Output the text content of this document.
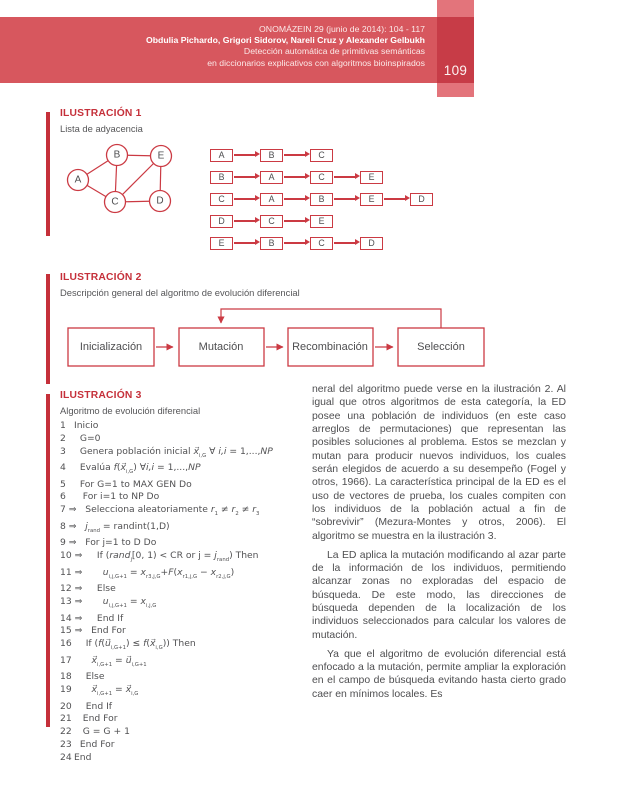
ONOMÁZEIN 29 (junio de 2014): 104 - 117
Obdulia Pichardo, Grigori Sidorov, Nareli Cruz y Alexander Gelbukh
Detección automática de primitivas semánticas
en diccionarios explicativos con algoritmos bioinspirados
109
ILUSTRACIÓN 1
Lista de adyacencia
A
B	E
C	D
A	B	C
B	A	C	E
C	A	B	E	D
D	C	E
E	B	C	D
ILUSTRACIÓN 2
Descripción general del algoritmo de evolución diferencial
Inicialización	Mutación	Recombinación	Selección
ILUSTRACIÓN 3
Algoritmo de evolución diferencial
1 Inicio
2 G=0
3 Genera población inicial $x⃗_{i,G}$ ∀ i,i = 1,...,NP
4 Evalúa $f(x⃗_{i,G})$ ∀i,i = 1,...,NP
5 For G=1 to MAX GEN Do
6 For i=1 to NP Do
7 ⇒ Selecciona aleatoriamente $r_1 \ne r_2 \ne r_3$
8 ⇒ $j_{rand}$ = randint(1,D)
9 ⇒ For j=1 to D Do
10 ⇒ If (rand$_j$[0, 1) < CR or $j = j_{rand}$) Then
11 ⇒	$u_{i,j,G+1} = x_{r3,j,G}+F(x_{r1,j,G} - x_{r2,j,G})$
12 ⇒ Else
13 ⇒	$u_{i,j,G+1} = x_{i,j,G}$
14 ⇒ End If
15 ⇒ End For
16 If ($f(u⃗_{i,G+1})$ ≤ $f(x⃗_{i,G})$) Then
17	$x⃗_{i,G+1}$ = $u⃗_{i,G+1}$
18 Else
19	$x⃗_{i,G+1}$ = $x⃗_{i,G}$
20 End If
21 End For
22 G = G + 1
23 End For
24 End

neral del algoritmo puede verse en la ilustración 2. Al igual que otros algoritmos de esta categoría, la ED posee una población de individuos (en este caso arreglos de permutaciones) que representan las posibles soluciones al problema. Estos se mezclan y mutan para producir nuevos individuos, los cuales serán elegidos de acuerdo a su desempeño (Fogel y otros, 1966). La característica principal de la ED es el uso de vectores de prueba, los cuales compiten con los individuos de la población actual a fin de “sobrevivir” (Mezura-Montes y otros, 2006). El algoritmo se muestra en la ilustración 3.

La ED aplica la mutación modificando al azar parte de la información de los individuos, permitiendo alcanzar zonas no exploradas del espacio de búsqueda. De este modo, las direcciones de búsqueda dependen de la localización de los individuos seleccionados para calcular los valores de mutación.

Ya que el algoritmo de evolución diferencial está enfocado a la mutación, permite ampliar la exploración en el campo de búsqueda evitando hasta cierto grado caer en mínimos locales. Es
